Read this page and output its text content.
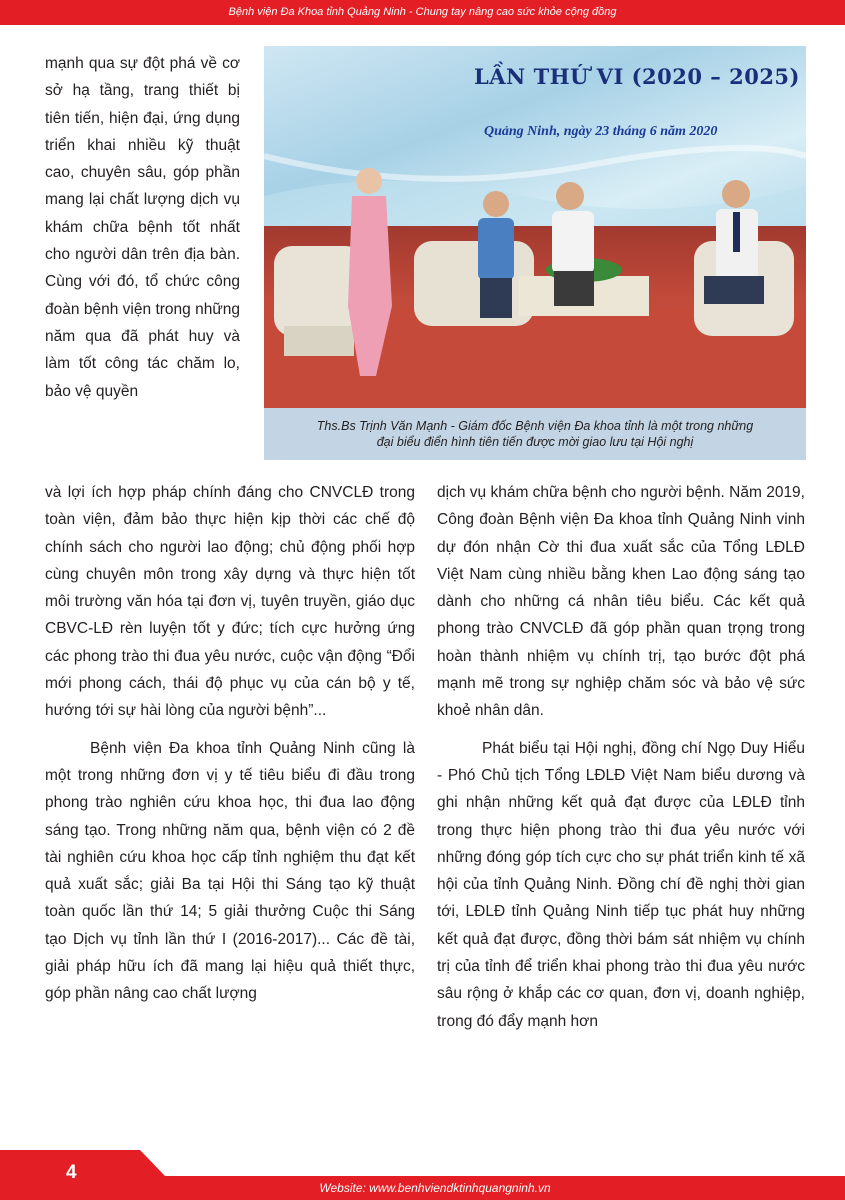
Bệnh viện Đa Khoa tỉnh Quảng Ninh - Chung tay nâng cao sức khỏe cộng đồng

mạnh qua sự đột phá về cơ sở hạ tầng, trang thiết bị tiên tiến, hiện đại, ứng dụng triển khai nhiều kỹ thuật cao, chuyên sâu, góp phần mang lại chất lượng dịch vụ khám chữa bệnh tốt nhất cho người dân trên địa bàn. Cùng với đó, tổ chức công đoàn bệnh viện trong những năm qua đã phát huy và làm tốt công tác chăm lo, bảo vệ quyền

LẦN THỨ VI (2020 – 2025)
Quảng Ninh, ngày 23 tháng 6 năm 2020
Ths.Bs Trịnh Văn Mạnh - Giám đốc Bệnh viện Đa khoa tỉnh là một trong những
đại biểu điển hình tiên tiến được mời giao lưu tại Hội nghị

và lợi ích hợp pháp chính đáng cho CNVCLĐ trong toàn viện, đảm bảo thực hiện kịp thời các chế độ chính sách cho người lao động; chủ động phối hợp cùng chuyên môn trong xây dựng và thực hiện tốt môi trường văn hóa tại đơn vị, tuyên truyền, giáo dục CBVC-LĐ rèn luyện tốt y đức; tích cực hưởng ứng các phong trào thi đua yêu nước, cuộc vận động “Đổi mới phong cách, thái độ phục vụ của cán bộ y tế, hướng tới sự hài lòng của người bệnh”...

Bệnh viện Đa khoa tỉnh Quảng Ninh cũng là một trong những đơn vị y tế tiêu biểu đi đầu trong phong trào nghiên cứu khoa học, thi đua lao động sáng tạo. Trong những năm qua, bệnh viện có 2 đề tài nghiên cứu khoa học cấp tỉnh nghiệm thu đạt kết quả xuất sắc; giải Ba tại Hội thi Sáng tạo kỹ thuật toàn quốc lần thứ 14; 5 giải thưởng Cuộc thi Sáng tạo Dịch vụ tỉnh lần thứ I (2016-2017)... Các đề tài, giải pháp hữu ích đã mang lại hiệu quả thiết thực, góp phần nâng cao chất lượng

dịch vụ khám chữa bệnh cho người bệnh. Năm 2019, Công đoàn Bệnh viện Đa khoa tỉnh Quảng Ninh vinh dự đón nhận Cờ thi đua xuất sắc của Tổng LĐLĐ Việt Nam cùng nhiều bằng khen Lao động sáng tạo dành cho những cá nhân tiêu biểu. Các kết quả phong trào CNVCLĐ đã góp phần quan trọng trong hoàn thành nhiệm vụ chính trị, tạo bước đột phá mạnh mẽ trong sự nghiệp chăm sóc và bảo vệ sức khoẻ nhân dân.

Phát biểu tại Hội nghị, đồng chí Ngọ Duy Hiểu - Phó Chủ tịch Tổng LĐLĐ Việt Nam biểu dương và ghi nhận những kết quả đạt được của LĐLĐ tỉnh trong thực hiện phong trào thi đua yêu nước với những đóng góp tích cực cho sự phát triển kinh tế xã hội của tỉnh Quảng Ninh. Đồng chí đề nghị thời gian tới, LĐLĐ tỉnh Quảng Ninh tiếp tục phát huy những kết quả đạt được, đồng thời bám sát nhiệm vụ chính trị của tỉnh để triển khai phong trào thi đua yêu nước sâu rộng ở khắp các cơ quan, đơn vị, doanh nghiệp, trong đó đẩy mạnh hơn

4
Website: www.benhviendktinhquangninh.vn
